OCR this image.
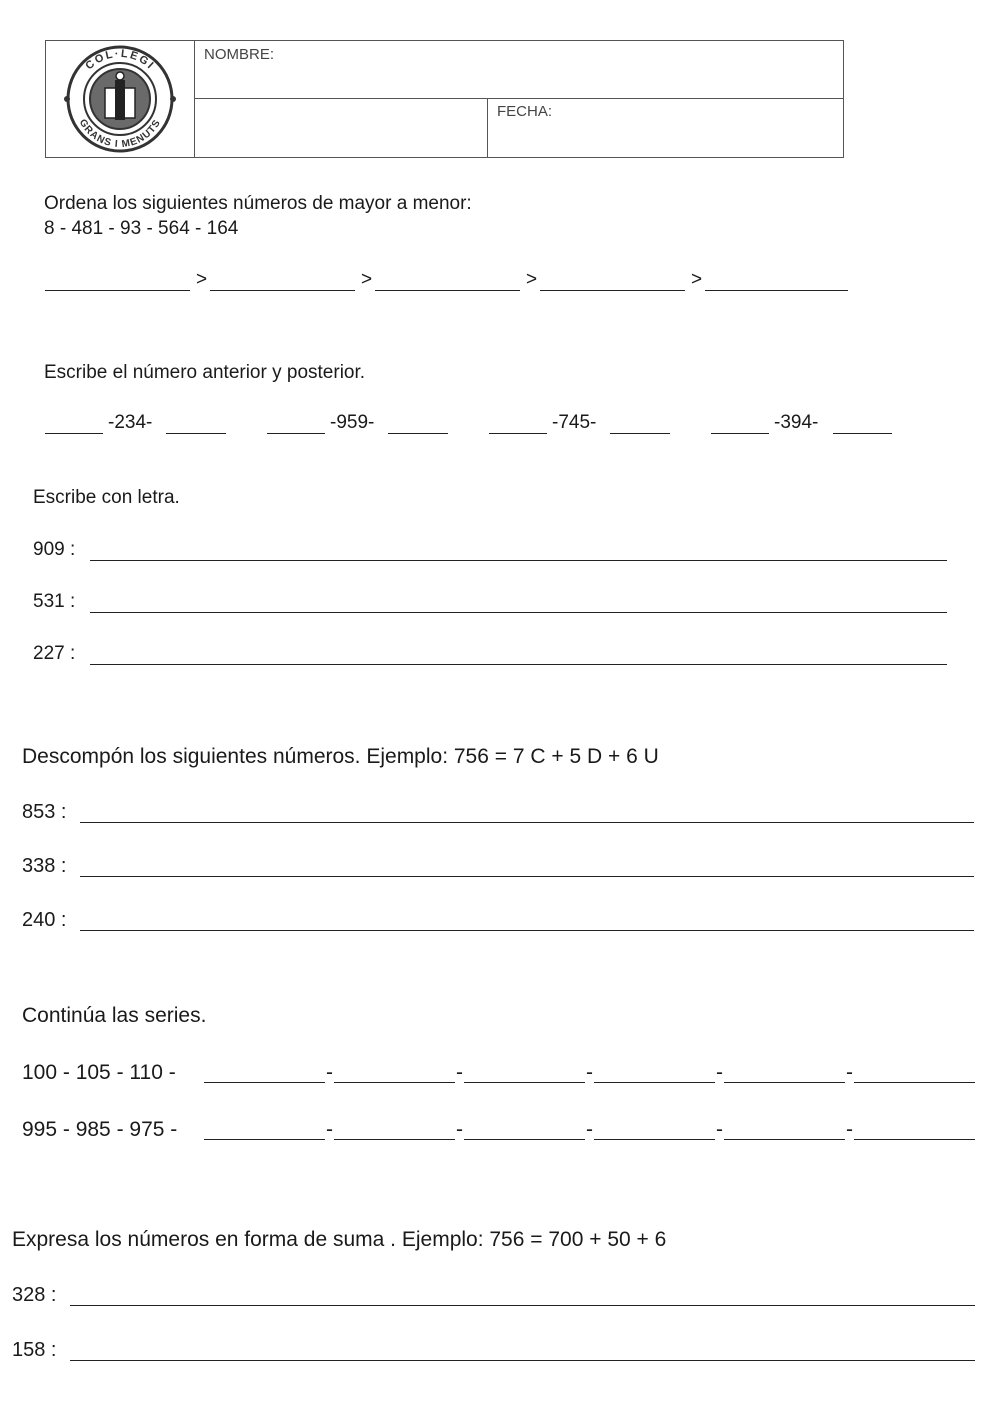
COL·LEGI
GRANS I MENUTS
NOMBRE:
FECHA:
Ordena los siguientes números de mayor a menor:
8 - 481 - 93 - 564 - 164
>	>	>	>
Escribe el número anterior y posterior.
-234-	-959-	-745-	-394-
Escribe con letra.
909 :
531 :
227 :
Descompón los siguientes números. Ejemplo: 756 = 7 C + 5 D + 6 U
853 :
338 :
240 :
Continúa las series.
100 - 105 - 110 -	-	-	-	-	-
995 - 985 - 975 -	-	-	-	-	-
Expresa los números en forma de suma . Ejemplo: 756 = 700 + 50 + 6
328 :
158 :
